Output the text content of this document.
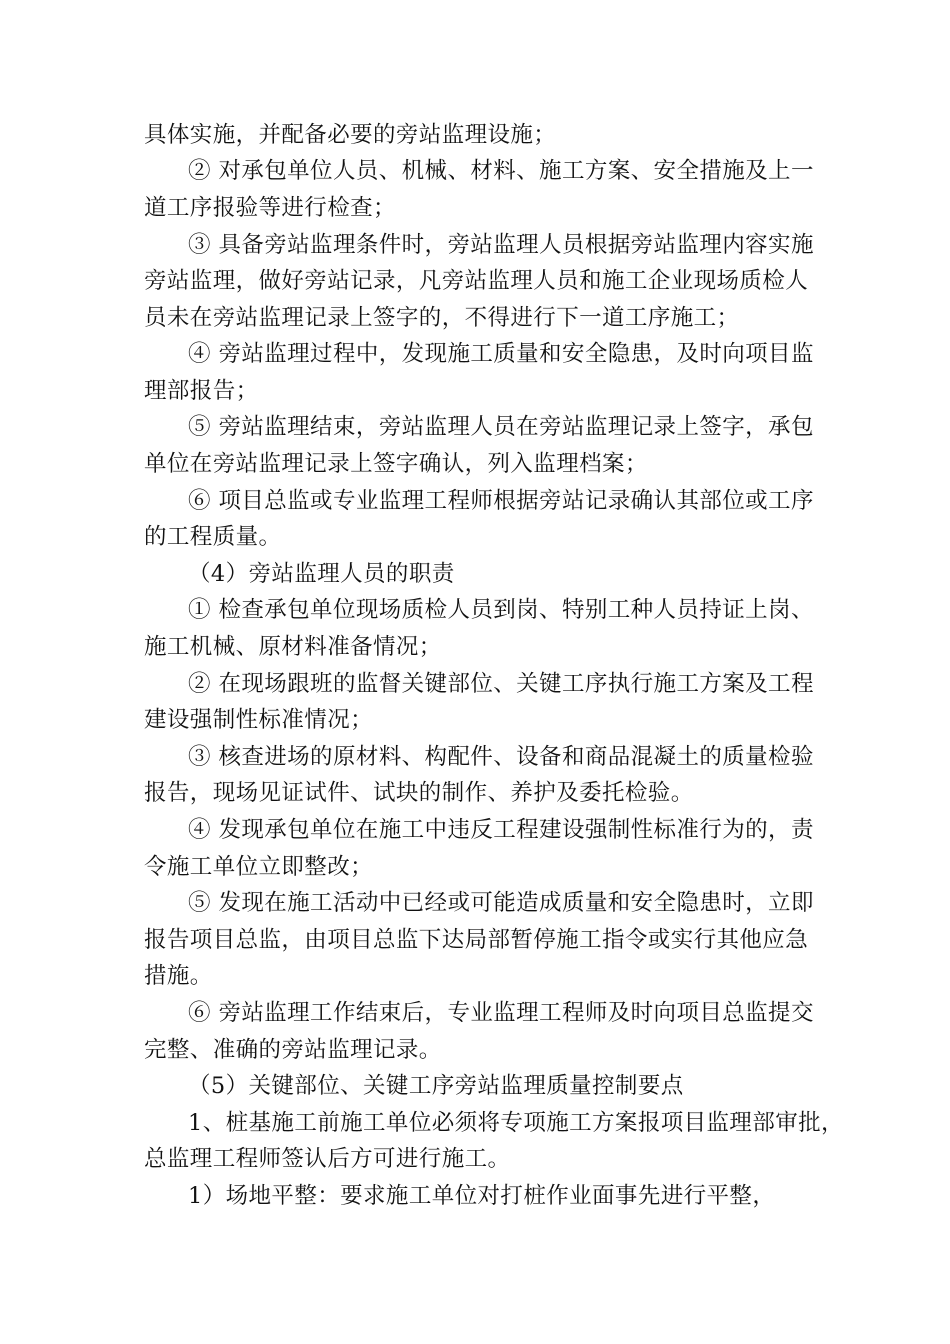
具体实施，并配备必要的旁站监理设施；
② 对承包单位人员、机械、材料、施工方案、安全措施及上一
道工序报验等进行检查；
③ 具备旁站监理条件时，旁站监理人员根据旁站监理内容实施
旁站监理，做好旁站记录，凡旁站监理人员和施工企业现场质检人
员未在旁站监理记录上签字的，不得进行下一道工序施工；
④ 旁站监理过程中，发现施工质量和安全隐患，及时向项目监
理部报告；
⑤ 旁站监理结束，旁站监理人员在旁站监理记录上签字，承包
单位在旁站监理记录上签字确认，列入监理档案；
⑥ 项目总监或专业监理工程师根据旁站记录确认其部位或工序
的工程质量。
（4）旁站监理人员的职责
① 检查承包单位现场质检人员到岗、特别工种人员持证上岗、
施工机械、原材料准备情况；
② 在现场跟班的监督关键部位、关键工序执行施工方案及工程
建设强制性标准情况；
③ 核查进场的原材料、构配件、设备和商品混凝土的质量检验
报告，现场见证试件、试块的制作、养护及委托检验。
④ 发现承包单位在施工中违反工程建设强制性标准行为的，责
令施工单位立即整改；
⑤ 发现在施工活动中已经或可能造成质量和安全隐患时，立即
报告项目总监，由项目总监下达局部暂停施工指令或实行其他应急
措施。
⑥ 旁站监理工作结束后，专业监理工程师及时向项目总监提交
完整、准确的旁站监理记录。
（5）关键部位、关键工序旁站监理质量控制要点
1、桩基施工前施工单位必须将专项施工方案报项目监理部审批，
总监理工程师签认后方可进行施工。
1）场地平整：要求施工单位对打桩作业面事先进行平整，
